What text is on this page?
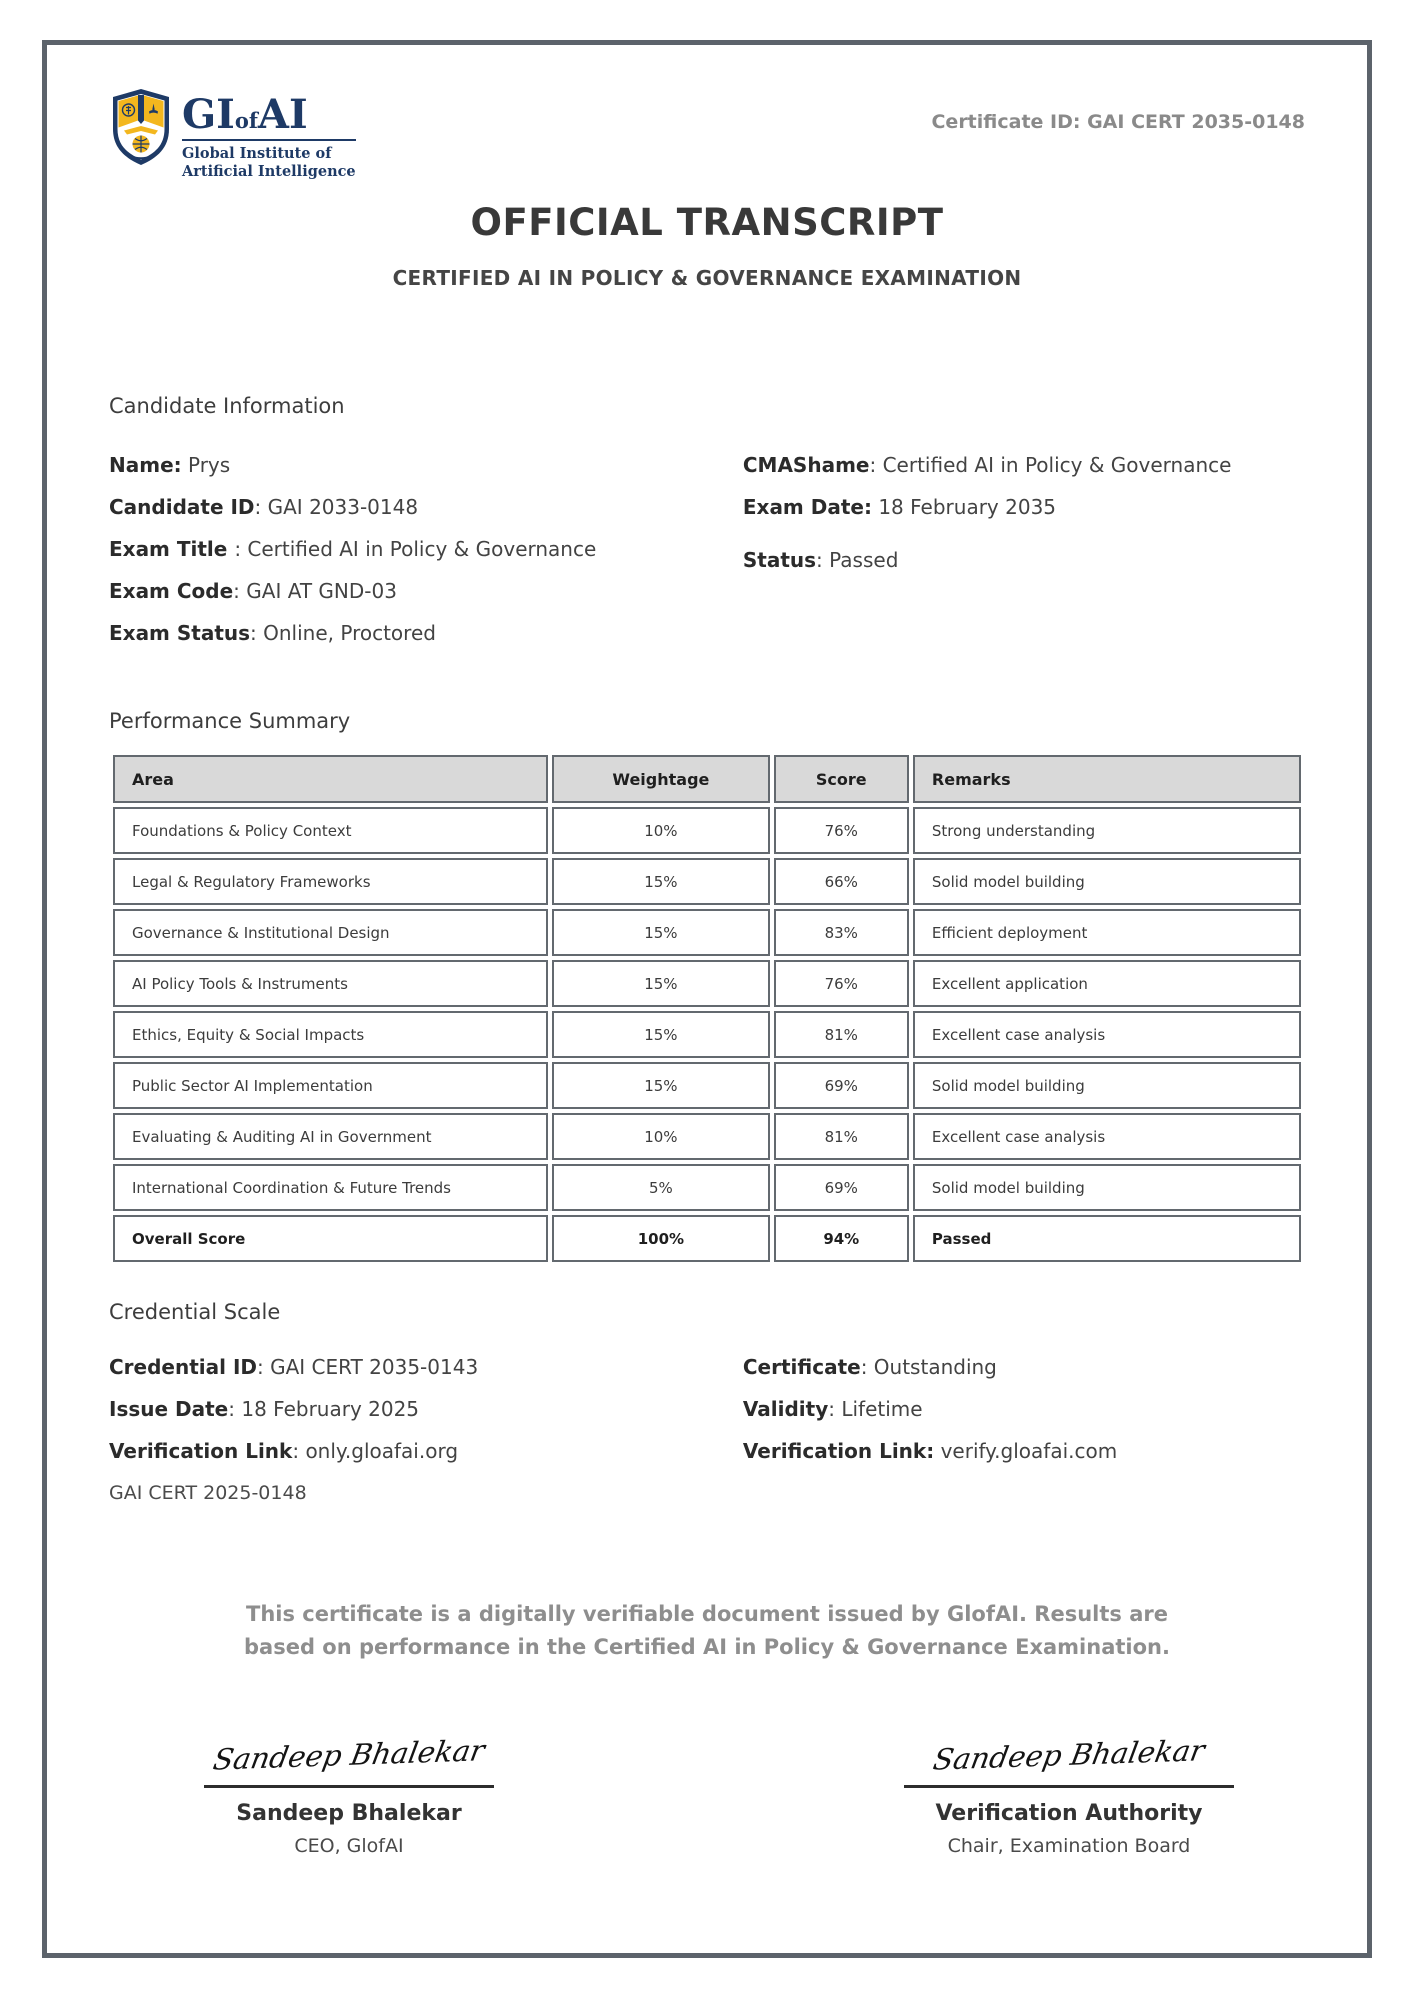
GIofAI
Global Institute of
Artificial Intelligence
Certificate ID: GAI CERT 2035-0148
OFFICIAL TRANSCRIPT
CERTIFIED AI IN POLICY & GOVERNANCE EXAMINATION
Candidate Information

Name: Prys

Candidate ID: GAI 2033-0148

Exam Title : Certified AI in Policy & Governance

Exam Code: GAI AT GND-03

Exam Status: Online, Proctored

CMAShame: Certified AI in Policy & Governance

Exam Date: 18 February 2035

Status: Passed

Performance Summary
Area	Weightage	Score	Remarks
Foundations & Policy Context	10%	76%	Strong understanding
Legal & Regulatory Frameworks	15%	66%	Solid model building
Governance & Institutional Design	15%	83%	Efficient deployment
AI Policy Tools & Instruments	15%	76%	Excellent application
Ethics, Equity & Social Impacts	15%	81%	Excellent case analysis
Public Sector AI Implementation	15%	69%	Solid model building
Evaluating & Auditing AI in Government	10%	81%	Excellent case analysis
International Coordination & Future Trends	5%	69%	Solid model building
Overall Score	100%	94%	Passed
Credential Scale

Credential ID: GAI CERT 2035-0143

Issue Date: 18 February 2025

Verification Link: only.gloafai.org

GAI CERT 2025-0148

Certificate: Outstanding

Validity: Lifetime

Verification Link: verify.gloafai.com

This certificate is a digitally verifiable document issued by GlofAI. Results are based on performance in the Certified AI in Policy & Governance Examination.

Sandeep Bhalekar
Sandeep Bhalekar
CEO, GlofAI
Sandeep Bhalekar
Verification Authority
Chair, Examination Board
